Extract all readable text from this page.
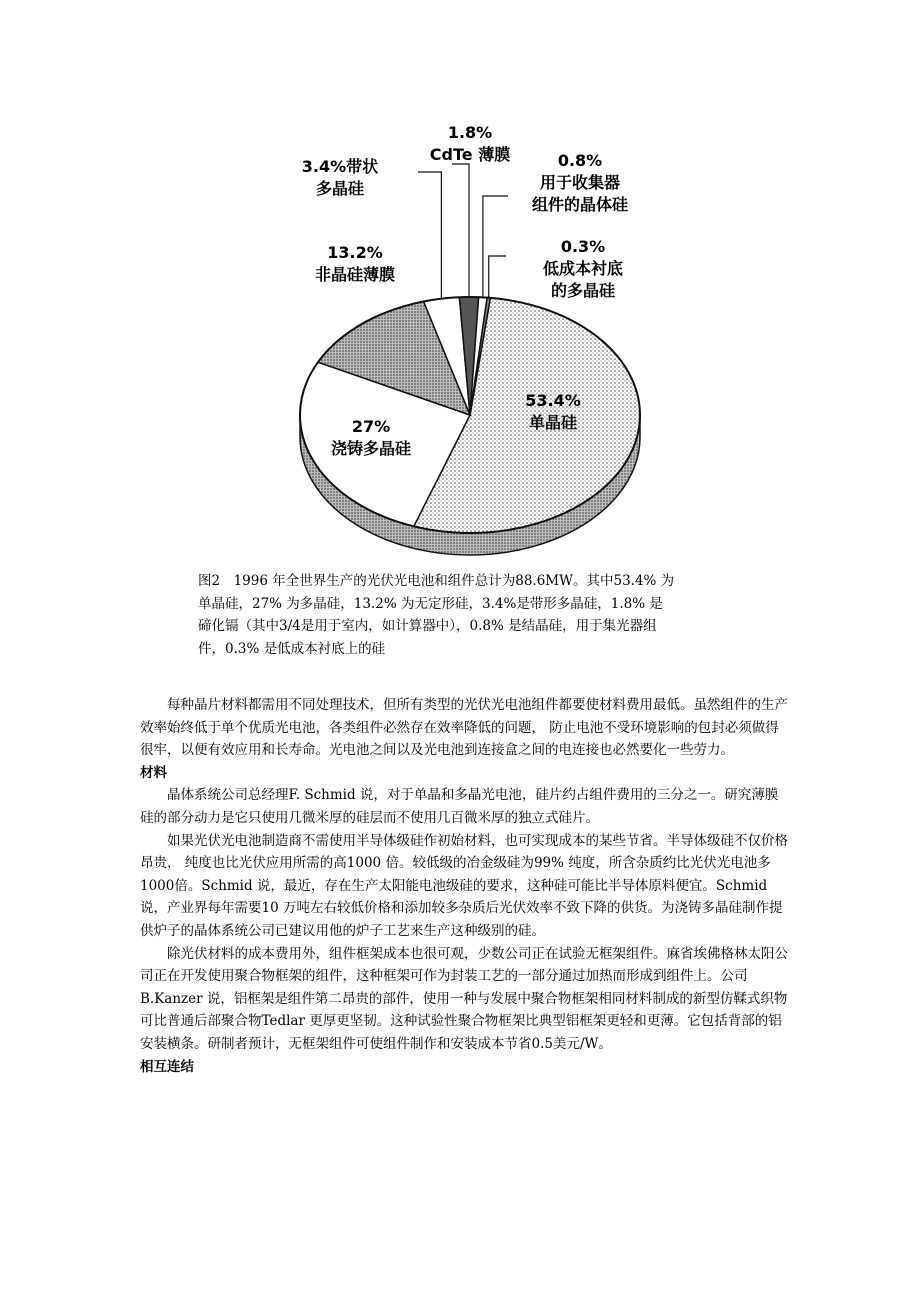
1.8%
CdTe 薄膜
3.4%带状
多晶硅
0.8%
用于收集器
组件的晶体硅
13.2%
非晶硅薄膜
0.3%
低成本衬底
的多晶硅
53.4%
单晶硅
27%
浇铸多晶硅
图2　1996 年全世界生产的光伏光电池和组件总计为88.6MW。其中53.4% 为
单晶硅，27% 为多晶硅，13.2% 为无定形硅，3.4%是带形多晶硅，1.8% 是
碲化镉（其中3/4是用于室内，如计算器中），0.8% 是结晶硅，用于集光器组
件，0.3% 是低成本衬底上的硅

每种晶片材料都需用不同处理技术，但所有类型的光伏光电池组件都要使材料费用最低。虽然组件的生产效率始终低于单个优质光电池，各类组件必然存在效率降低的问题， 防止电池不受环境影响的包封必须做得很牢，以便有效应用和长寿命。光电池之间以及光电池到连接盒之间的电连接也必然要化一些劳力。

材料

晶体系统公司总经理F. Schmid 说，对于单晶和多晶光电池，硅片约占组件费用的三分之一。研究薄膜硅的部分动力是它只使用几微米厚的硅层而不使用几百微米厚的独立式硅片。

如果光伏光电池制造商不需使用半导体级硅作初始材料，也可实现成本的某些节省。半导体级硅不仅价格昂贵， 纯度也比光伏应用所需的高1000 倍。较低级的冶金级硅为99% 纯度，所含杂质约比光伏光电池多1000倍。Schmid 说，最近，存在生产太阳能电池级硅的要求，这种硅可能比半导体原料便宜。Schmid 说，产业界每年需要10 万吨左右较低价格和添加较多杂质后光伏效率不致下降的供货。为浇铸多晶硅制作提供炉子的晶体系统公司已建议用他的炉子工艺来生产这种级别的硅。

除光伏材料的成本费用外，组件框架成本也很可观，少数公司正在试验无框架组件。麻省埃佛格林太阳公司正在开发使用聚合物框架的组件，这种框架可作为封装工艺的一部分通过加热而形成到组件上。公司B.Kanzer 说，铝框架是组件第二昂贵的部件，使用一种与发展中聚合物框架相同材料制成的新型仿鞣式织物可比普通后部聚合物Tedlar 更厚更坚韧。这种试验性聚合物框架比典型铝框架更轻和更薄。它包括背部的铝安装横条。研制者预计，无框架组件可使组件制作和安装成本节省0.5美元/W。

相互连结
